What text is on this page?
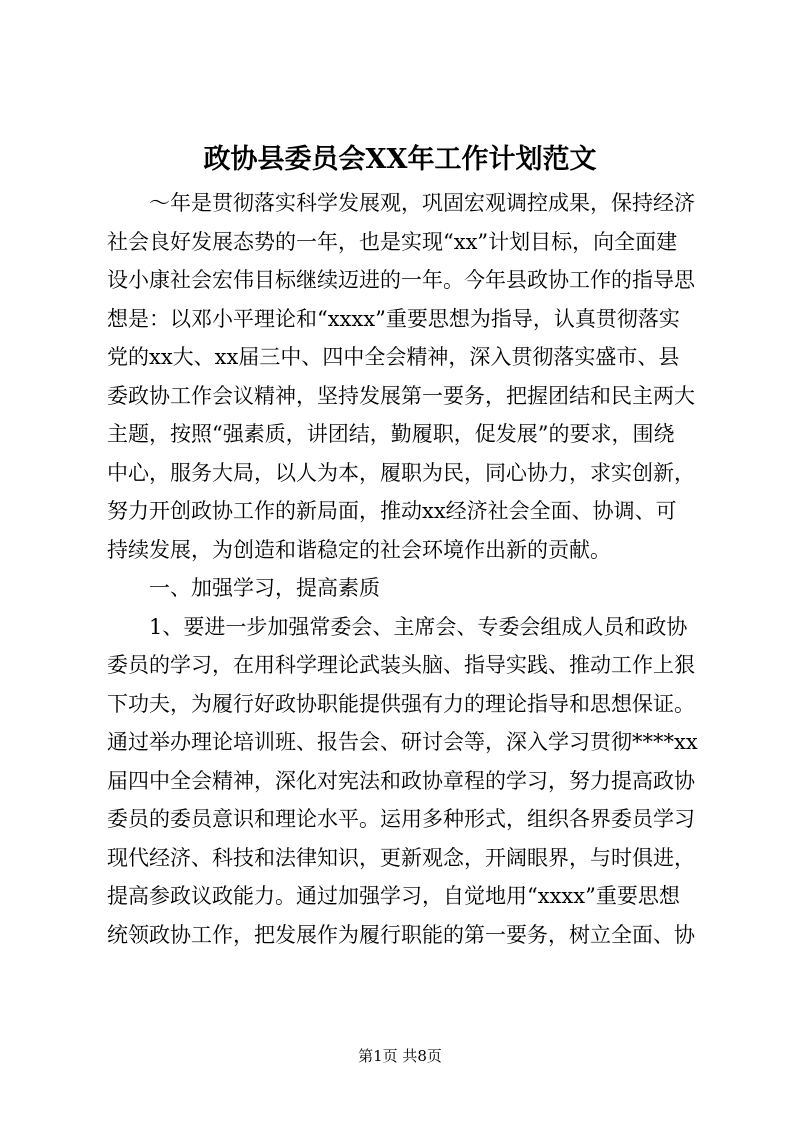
政协县委员会XX年工作计划范文
～年是贯彻落实科学发展观，巩固宏观调控成果，保持经济
社会良好发展态势的一年，也是实现“xx”计划目标，向全面建
设小康社会宏伟目标继续迈进的一年。今年县政协工作的指导思
想是：以邓小平理论和“xxxx”重要思想为指导，认真贯彻落实
党的xx大、xx届三中、四中全会精神，深入贯彻落实盛市、县
委政协工作会议精神，坚持发展第一要务，把握团结和民主两大
主题，按照“强素质，讲团结，勤履职，促发展”的要求，围绕
中心，服务大局，以人为本，履职为民，同心协力，求实创新，
努力开创政协工作的新局面，推动xx经济社会全面、协调、可
持续发展，为创造和谐稳定的社会环境作出新的贡献。
一、加强学习，提高素质
1、要进一步加强常委会、主席会、专委会组成人员和政协
委员的学习，在用科学理论武装头脑、指导实践、推动工作上狠
下功夫，为履行好政协职能提供强有力的理论指导和思想保证。
通过举办理论培训班、报告会、研讨会等，深入学习贯彻****xx
届四中全会精神，深化对宪法和政协章程的学习，努力提高政协
委员的委员意识和理论水平。运用多种形式，组织各界委员学习
现代经济、科技和法律知识，更新观念，开阔眼界，与时俱进，
提高参政议政能力。通过加强学习，自觉地用“xxxx”重要思想
统领政协工作，把发展作为履行职能的第一要务，树立全面、协
第1页 共8页
